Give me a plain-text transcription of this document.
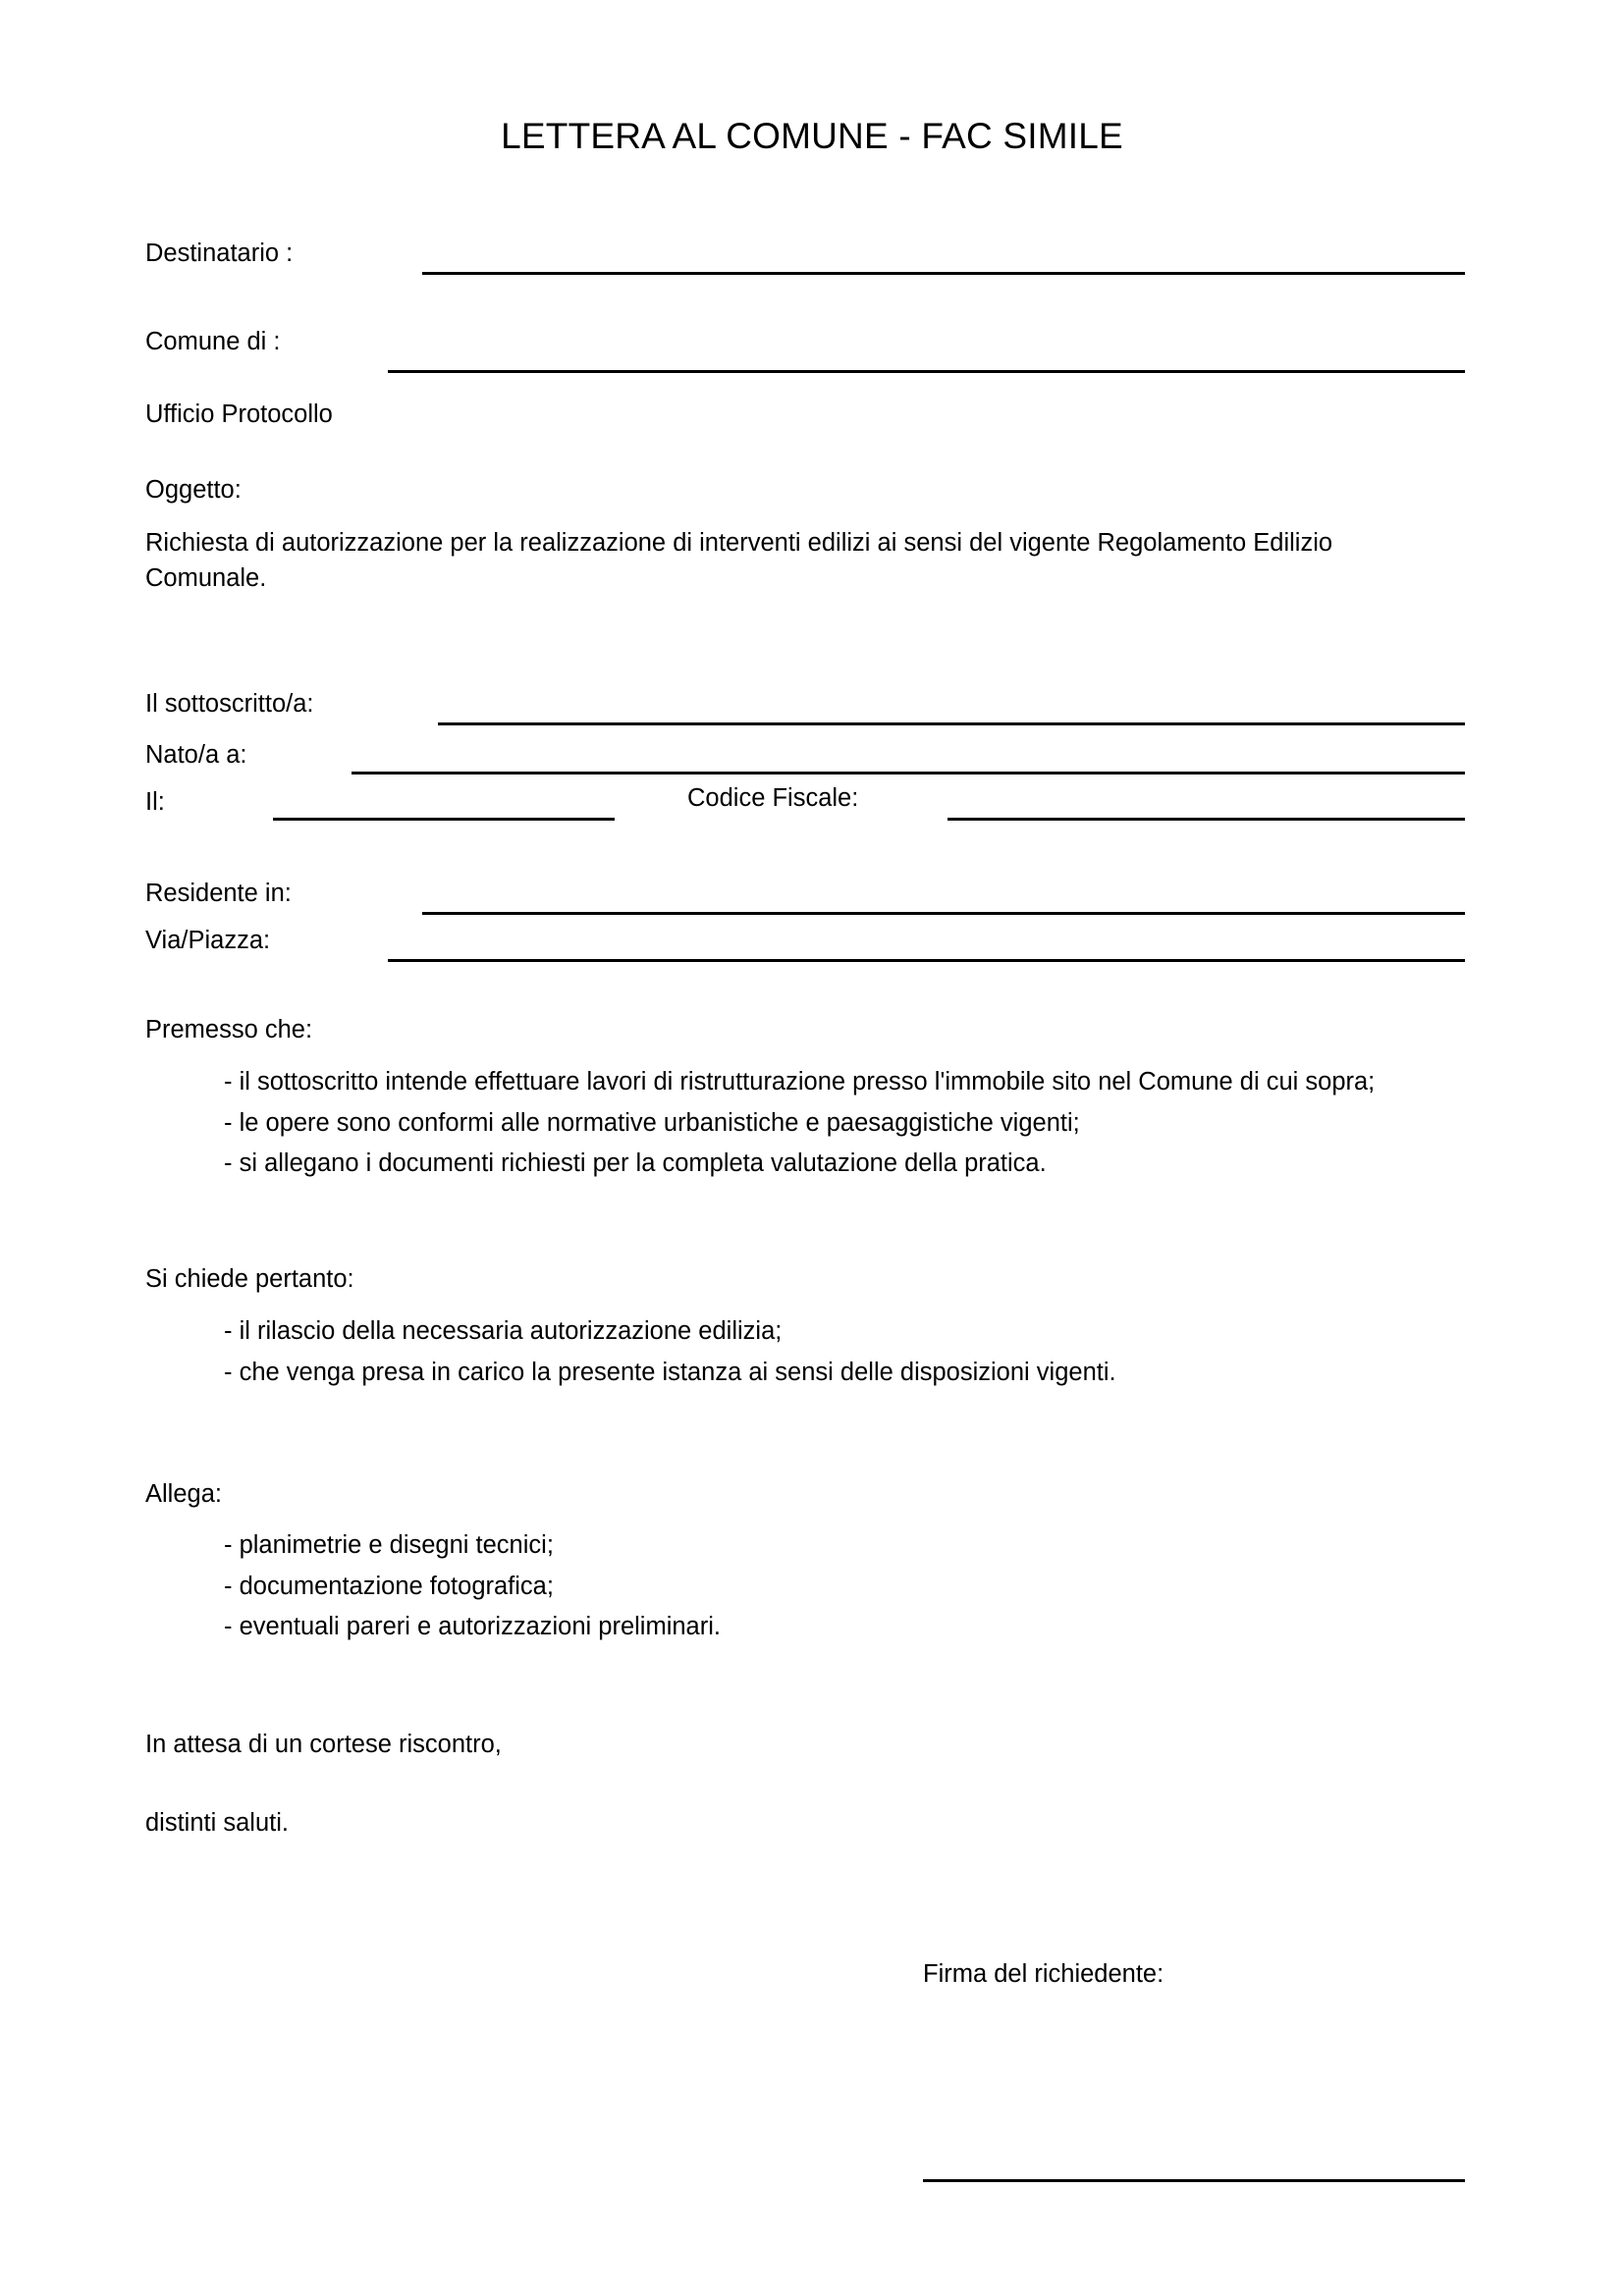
LETTERA AL COMUNE - FAC SIMILE
Destinatario :
Comune di :
Ufficio Protocollo
Oggetto:
Richiesta di autorizzazione per la realizzazione di interventi edilizi ai sensi del vigente Regolamento Edilizio Comunale.
Il sottoscritto/a:
Nato/a a:
Il:	Codice Fiscale:
Residente in:
Via/Piazza:
Premesso che:
- il sottoscritto intende effettuare lavori di ristrutturazione presso l'immobile sito nel Comune di cui sopra;
- le opere sono conformi alle normative urbanistiche e paesaggistiche vigenti;
- si allegano i documenti richiesti per la completa valutazione della pratica.
Si chiede pertanto:
- il rilascio della necessaria autorizzazione edilizia;
- che venga presa in carico la presente istanza ai sensi delle disposizioni vigenti.
Allega:
- planimetrie e disegni tecnici;
- documentazione fotografica;
- eventuali pareri e autorizzazioni preliminari.
In attesa di un cortese riscontro,
distinti saluti.
Firma del richiedente:
